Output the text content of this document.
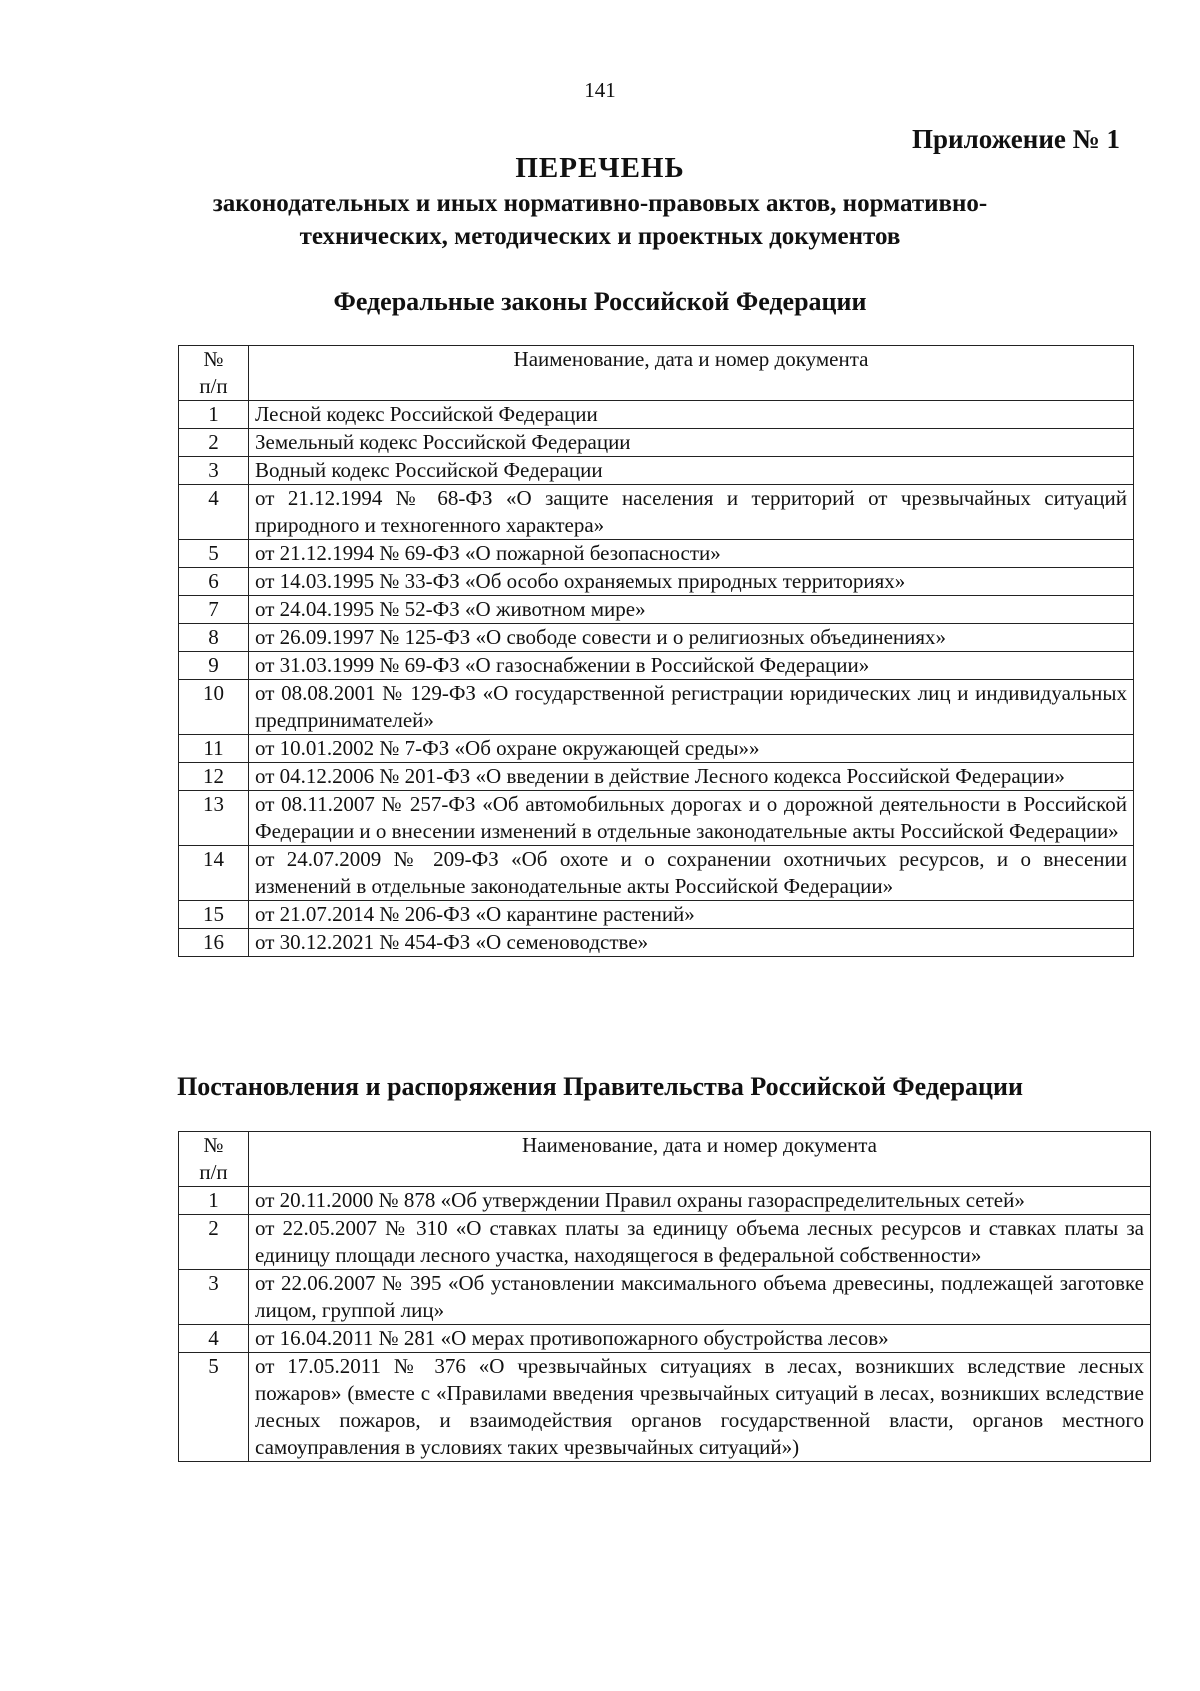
141
Приложение № 1
ПЕРЕЧЕНЬ
законодательных и иных нормативно-правовых актов, нормативно-
технических, методических и проектных документов
Федеральные законы Российской Федерации
№
п/п	Наименование, дата и номер документа
1	Лесной кодекс Российской Федерации
2	Земельный кодекс Российской Федерации
3	Водный кодекс Российской Федерации
4	от 21.12.1994 № 68-ФЗ «О защите населения и территорий от чрезвычайных ситуаций природного и техногенного характера»
5	от 21.12.1994 № 69-ФЗ «О пожарной безопасности»
6	от 14.03.1995 № 33-ФЗ «Об особо охраняемых природных территориях»
7	от 24.04.1995 № 52-ФЗ «О животном мире»
8	от 26.09.1997 № 125-ФЗ «О свободе совести и о религиозных объединениях»
9	от 31.03.1999 № 69-ФЗ «О газоснабжении в Российской Федерации»
10	от 08.08.2001 № 129-ФЗ «О государственной регистрации юридических лиц и индивидуальных предпринимателей»
11	от 10.01.2002 № 7-ФЗ «Об охране окружающей среды»»
12	от 04.12.2006 № 201-ФЗ «О введении в действие Лесного кодекса Российской Федерации»
13	от 08.11.2007 № 257-ФЗ «Об автомобильных дорогах и о дорожной деятельности в Российской Федерации и о внесении изменений в отдельные законодательные акты Российской Федерации»
14	от 24.07.2009 № 209-ФЗ «Об охоте и о сохранении охотничьих ресурсов, и о внесении изменений в отдельные законодательные акты Российской Федерации»
15	от 21.07.2014 № 206-ФЗ «О карантине растений»
16	от 30.12.2021 № 454-ФЗ «О семеноводстве»
Постановления и распоряжения Правительства Российской Федерации
№
п/п	Наименование, дата и номер документа
1	от 20.11.2000 № 878 «Об утверждении Правил охраны газораспределительных сетей»
2	от 22.05.2007 № 310 «О ставках платы за единицу объема лесных ресурсов и ставках платы за единицу площади лесного участка, находящегося в федеральной собственности»
3	от 22.06.2007 № 395 «Об установлении максимального объема древесины, подлежащей заготовке лицом, группой лиц»
4	от 16.04.2011 № 281 «О мерах противопожарного обустройства лесов»
5	от 17.05.2011 № 376 «О чрезвычайных ситуациях в лесах, возникших вследствие лесных пожаров» (вместе с «Правилами введения чрезвычайных ситуаций в лесах, возникших вследствие лесных пожаров, и взаимодействия органов государственной власти, органов местного самоуправления в условиях таких чрезвычайных ситуаций»)
